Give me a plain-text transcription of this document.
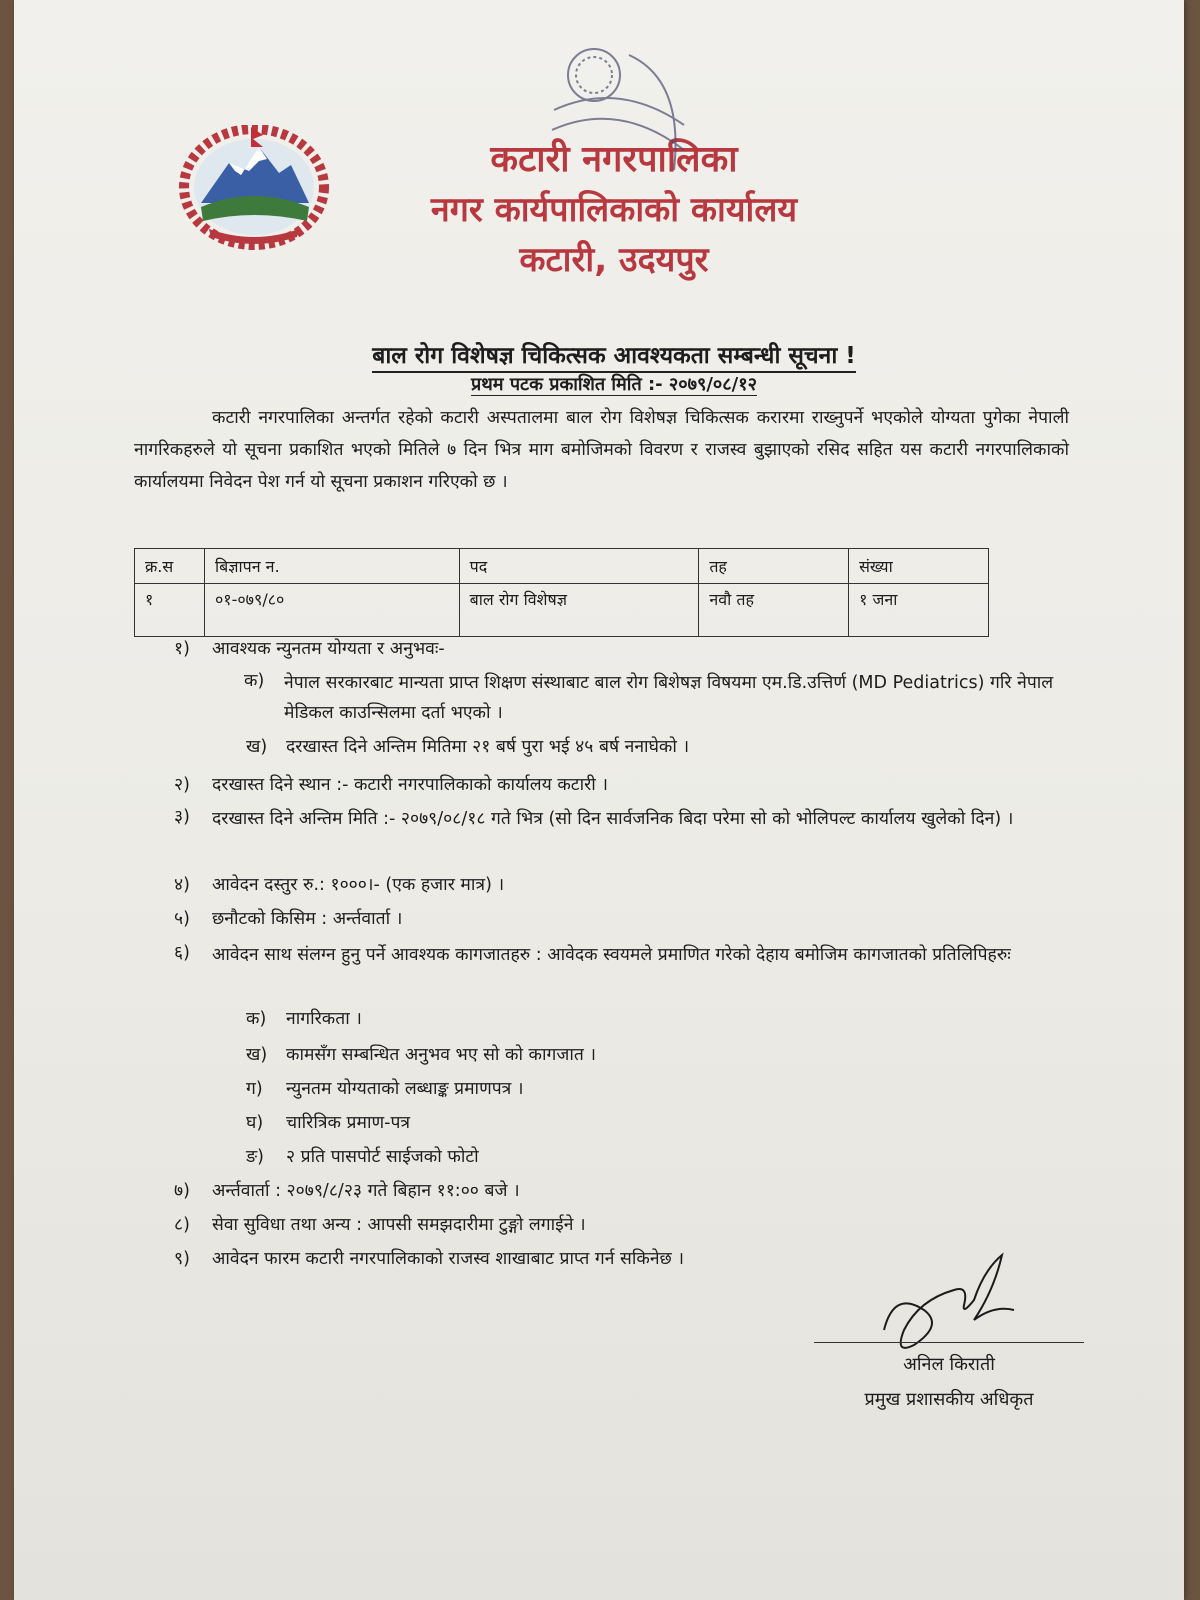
कटारी नगरपालिका
नगर कार्यपालिकाको कार्यालय
कटारी, उदयपुर
बाल रोग विशेषज्ञ चिकित्सक आवश्यकता सम्बन्धी सूचना !
प्रथम पटक प्रकाशित मिति :- २०७९/०८/१२
कटारी नगरपालिका अन्तर्गत रहेको कटारी अस्पतालमा बाल रोग विशेषज्ञ चिकित्सक करारमा राख्नुपर्ने भएकोले योग्यता पुगेका नेपाली नागरिकहरुले यो सूचना प्रकाशित भएको मितिले ७ दिन भित्र माग बमोजिमको विवरण र राजस्व बुझाएको रसिद सहित यस कटारी नगरपालिकाको कार्यालयमा निवेदन पेश गर्न यो सूचना प्रकाशन गरिएको छ ।
क्र.स	बिज्ञापन न.	पद	तह	संख्या
१	०१-०७९/८०	बाल रोग विशेषज्ञ	नवौ तह	१ जना
१) आवश्यक न्युनतम योग्यता र अनुभवः-
क) नेपाल सरकारबाट मान्यता प्राप्त शिक्षण संस्थाबाट बाल रोग बिशेषज्ञ विषयमा एम.डि.उत्तिर्ण (MD Pediatrics) गरि नेपाल मेडिकल काउन्सिलमा दर्ता भएको ।
ख) दरखास्त दिने अन्तिम मितिमा २१ बर्ष पुरा भई ४५ बर्ष ननाघेको ।
२) दरखास्त दिने स्थान :- कटारी नगरपालिकाको कार्यालय कटारी ।
३) दरखास्त दिने अन्तिम मिति :- २०७९/०८/१८ गते भित्र (सो दिन सार्वजनिक बिदा परेमा सो को भोलिपल्ट कार्यालय खुलेको दिन) ।
४) आवेदन दस्तुर रु.: १०००।- (एक हजार मात्र) ।
५) छनौटको किसिम : अर्न्तवार्ता ।
६) आवेदन साथ संलग्न हुनु पर्ने आवश्यक कागजातहरु : आवेदक स्वयमले प्रमाणित गरेको देहाय बमोजिम कागजातको प्रतिलिपिहरुः
क) नागरिकता ।
ख) कामसँग सम्बन्धित अनुभव भए सो को कागजात ।
ग) न्युनतम योग्यताको लब्धाङ्क प्रमाणपत्र ।
घ) चारित्रिक प्रमाण-पत्र
ङ) २ प्रति पासपोर्ट साईजको फोटो
७) अर्न्तवार्ता : २०७९/८/२३ गते बिहान ११:०० बजे ।
८) सेवा सुविधा तथा अन्य : आपसी समझदारीमा टुङ्गो लगाईने ।
९) आवेदन फारम कटारी नगरपालिकाको राजस्व शाखाबाट प्राप्त गर्न सकिनेछ ।
अनिल किराती
प्रमुख प्रशासकीय अधिकृत
